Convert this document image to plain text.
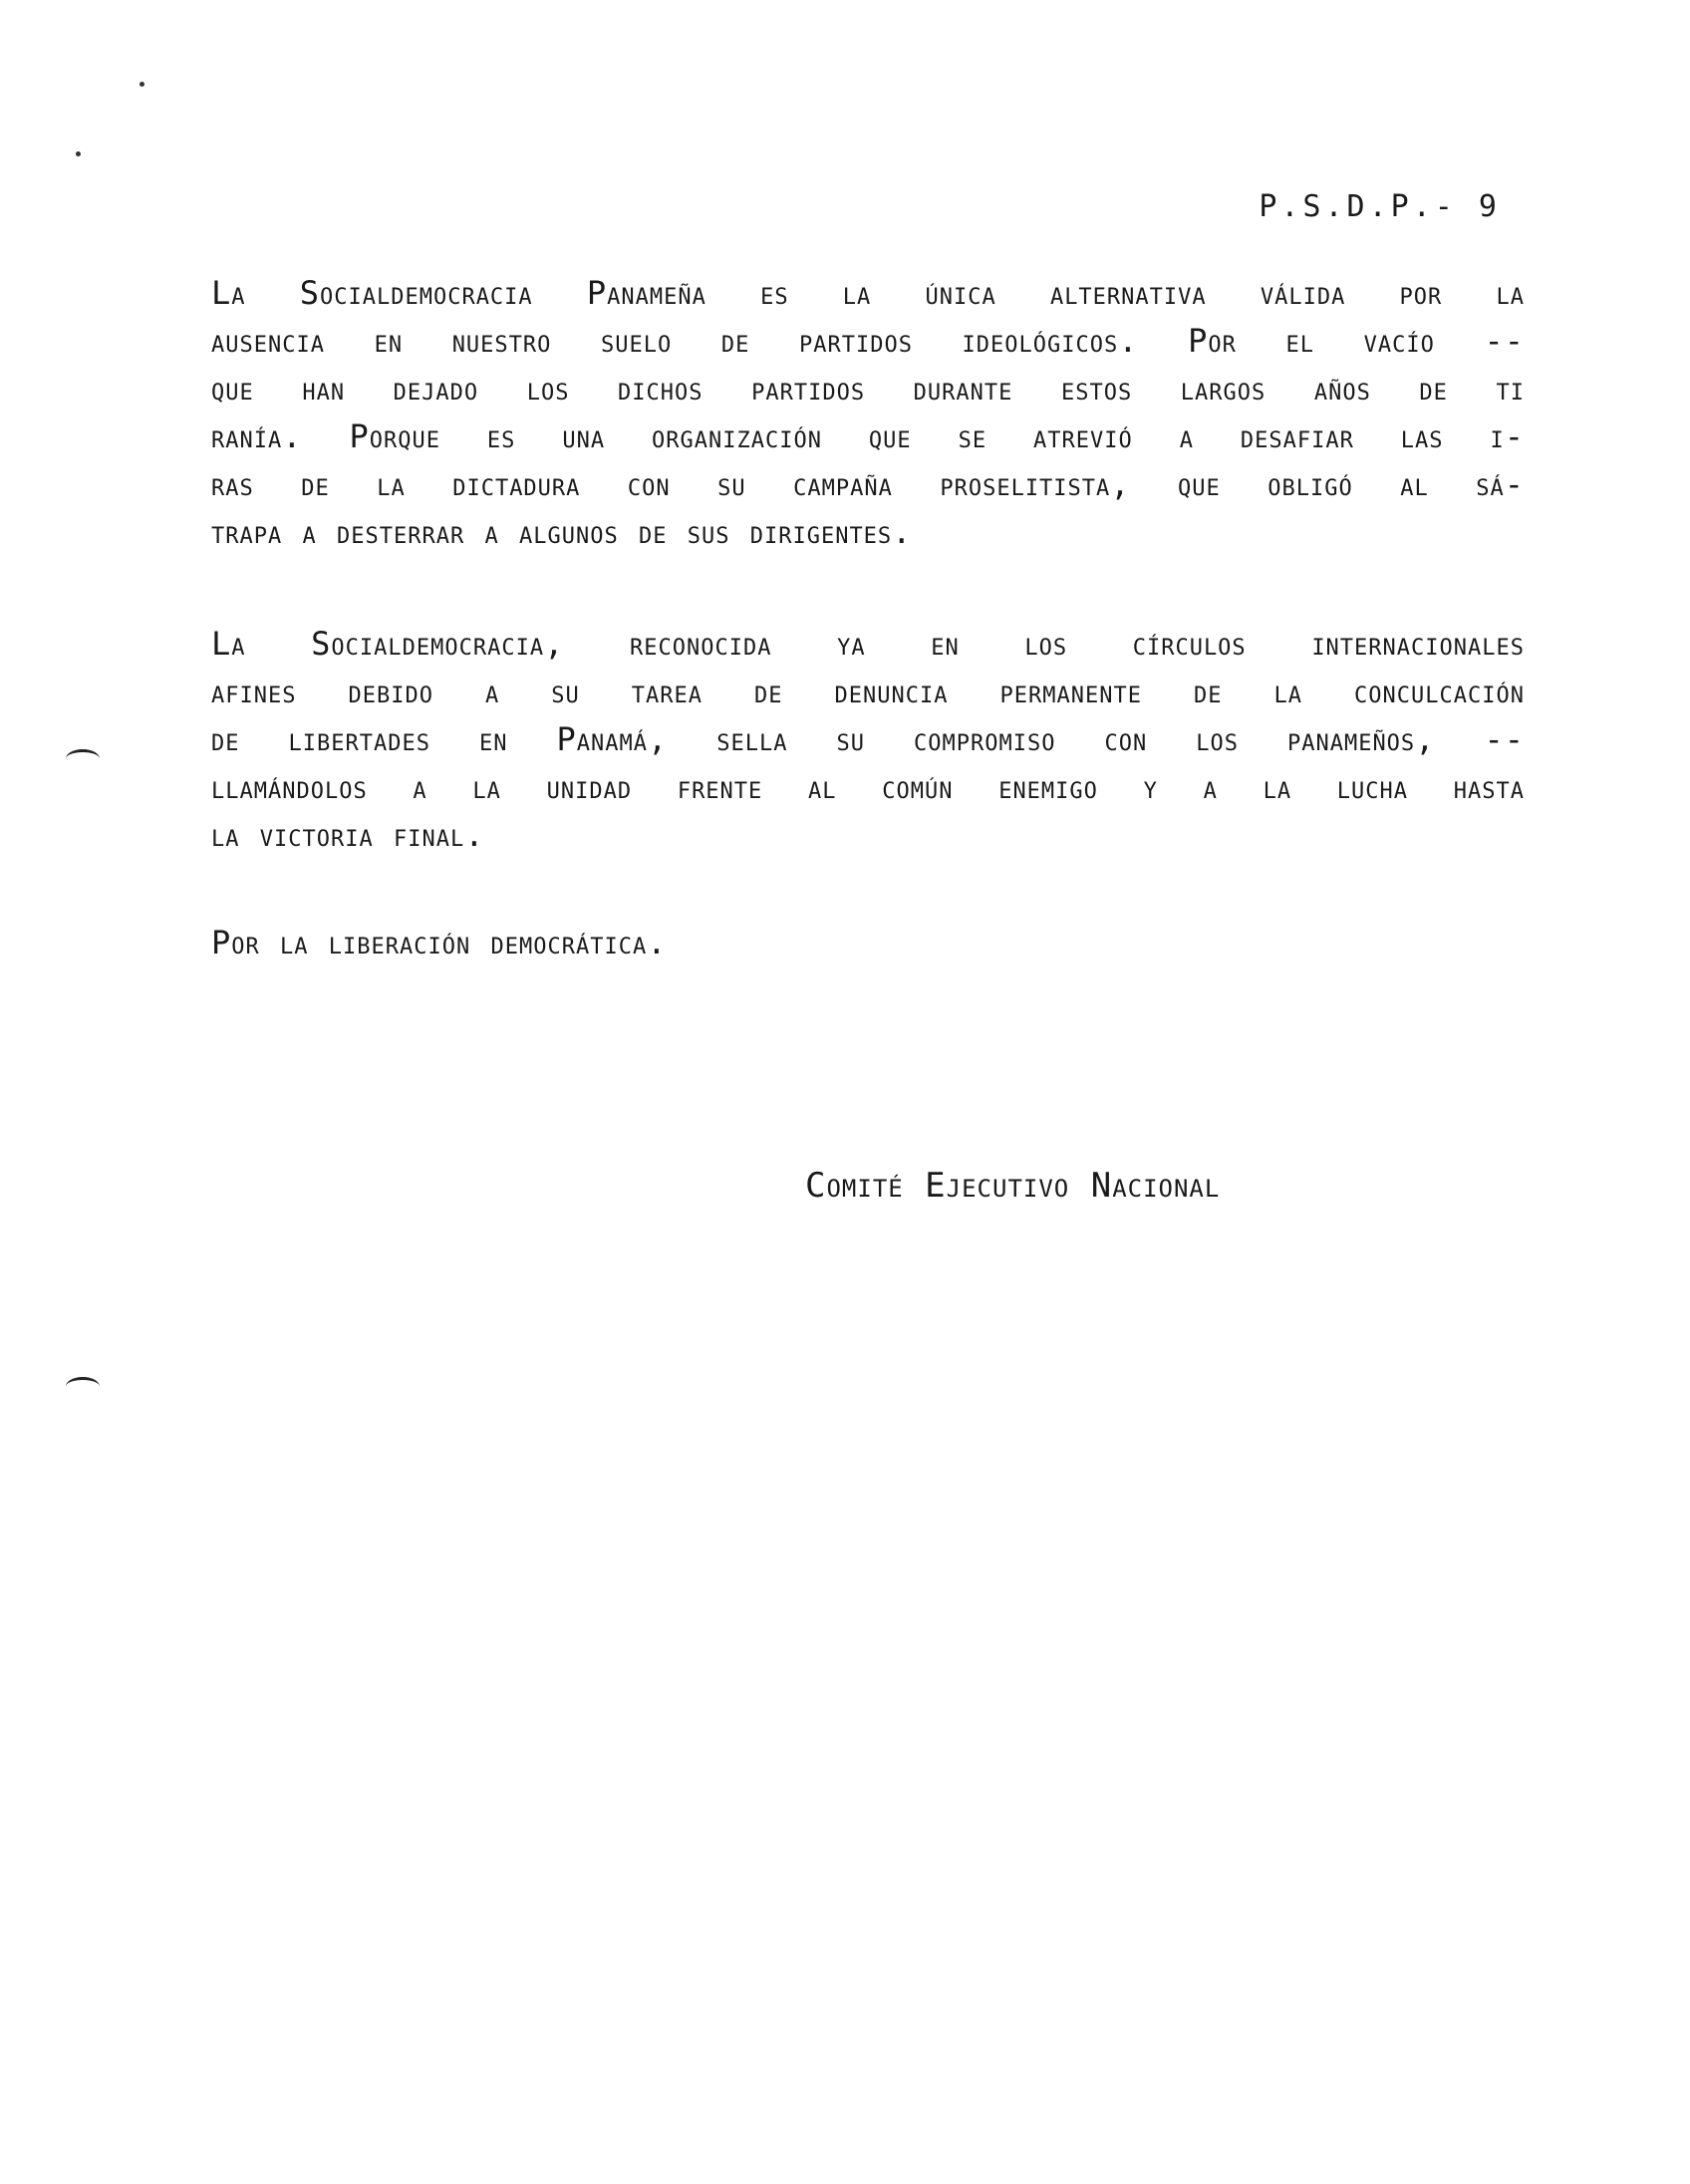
P.S.D.P.- 9

La Socialdemocracia Panameña es la única alternativa válida por la
ausencia en nuestro suelo de partidos ideológicos. Por el vacío --
que han dejado los dichos partidos durante estos largos años de ti
ranía. Porque es una organización que se atrevió a desafiar las i-
ras de la dictadura con su campaña proselitista, que obligó al sá-
trapa a desterrar a algunos de sus dirigentes.

La Socialdemocracia, reconocida ya en los círculos internacionales
afines debido a su tarea de denuncia permanente de la conculcación
de libertades en Panamá, sella su compromiso con los panameños, --
llamándolos a la unidad frente al común enemigo y a la lucha hasta
la victoria final.

Por la liberación democrática.

Comité Ejecutivo Nacional
